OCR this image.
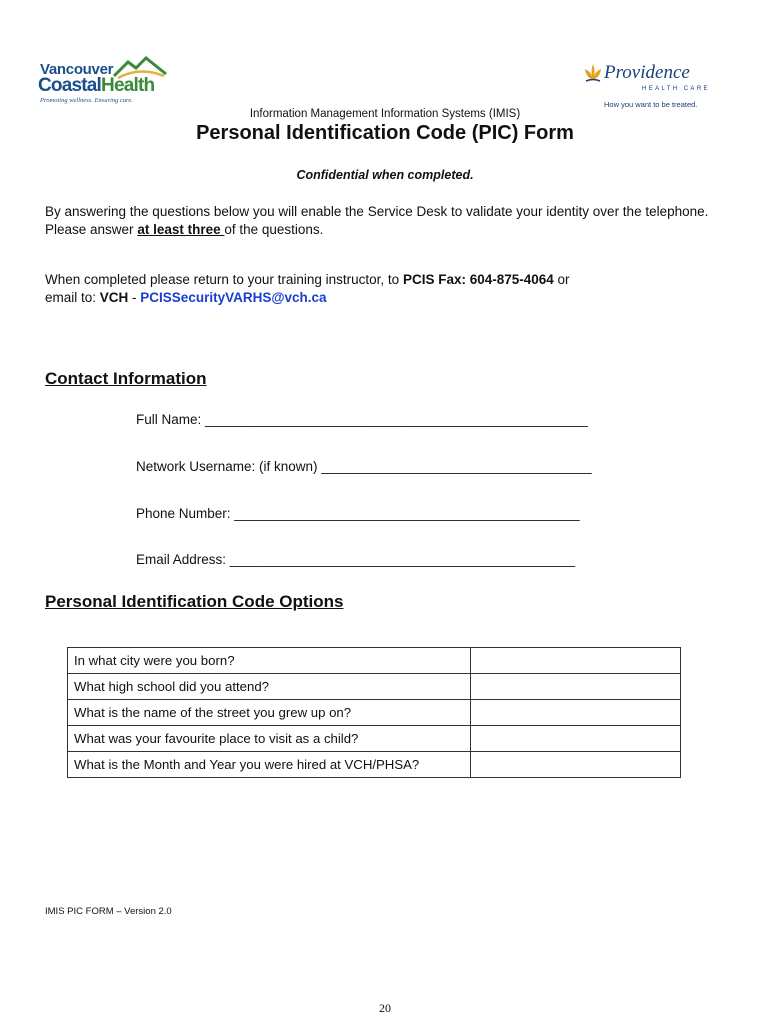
Vancouver
CoastalHealth
Promoting wellness. Ensuring care.
Providence
HEALTH CARE
How you want to be treated.
Information Management Information Systems (IMIS)
Personal Identification Code (PIC) Form
Confidential when completed.
By answering the questions below you will enable the Service Desk to validate your identity over the telephone. Please answer at least three of the questions.
When completed please return to your training instructor, to PCIS Fax: 604-875-4064 or
email to: VCH - PCISSecurityVARHS@vch.ca
Contact Information
Full Name: ___________________________________________________
Network Username: (if known) ____________________________________
Phone Number: ______________________________________________
Email Address: ______________________________________________
Personal Identification Code Options
In what city were you born?	
What high school did you attend?	
What is the name of the street you grew up on?	
What was your favourite place to visit as a child?	
What is the Month and Year you were hired at VCH/PHSA?	
IMIS PIC FORM – Version 2.0
20
